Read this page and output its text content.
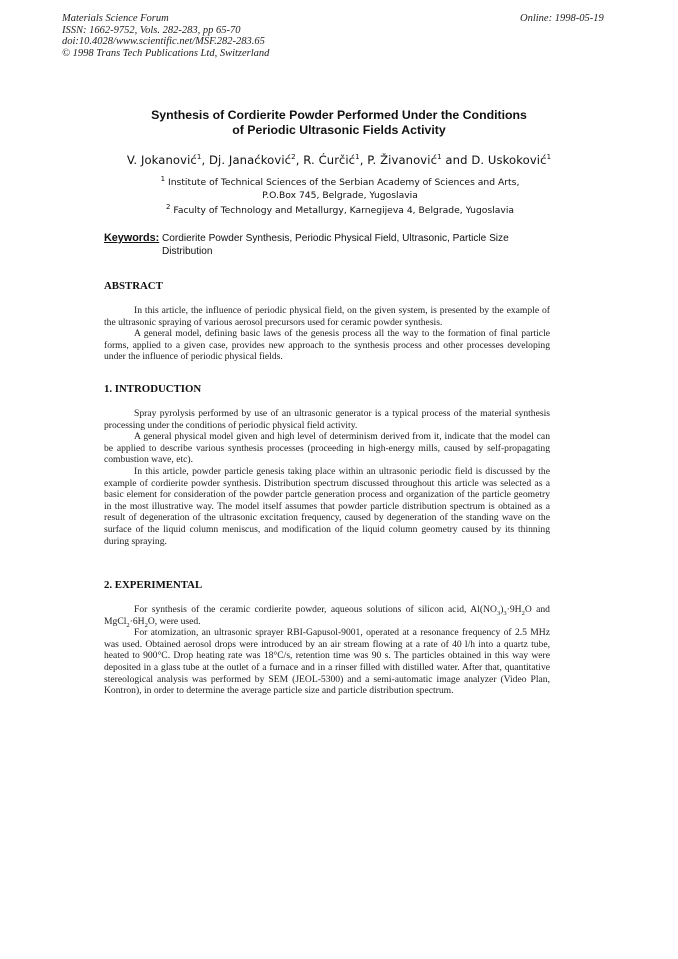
Materials Science Forum
ISSN: 1662-9752, Vols. 282-283, pp 65-70
doi:10.4028/www.scientific.net/MSF.282-283.65
© 1998 Trans Tech Publications Ltd, Switzerland
Online: 1998-05-19
Synthesis of Cordierite Powder Performed Under the Conditions
of Periodic Ultrasonic Fields Activity
V. Jokanović$^1$, Dj. Janaćković$^2$, R. Ćurčić$^1$, P. Živanović$^1$ and D. Uskoković$^1$
$^1$ Institute of Technical Sciences of the Serbian Academy of Sciences and Arts,
P.O.Box 745, Belgrade, Yugoslavia
$^2$ Faculty of Technology and Metallurgy, Karnegijeva 4, Belgrade, Yugoslavia
Keywords: Cordierite Powder Synthesis, Periodic Physical Field, Ultrasonic, Particle Size
Distribution
ABSTRACT

In this article, the influence of periodic physical field, on the given system, is presented by the example of the ultrasonic spraying of various aerosol precursors used for ceramic powder synthesis.

A general model, defining basic laws of the genesis process all the way to the formation of final particle forms, applied to a given case, provides new approach to the synthesis process and other processes developing under the influence of periodic physical fields.

1. INTRODUCTION

Spray pyrolysis performed by use of an ultrasonic generator is a typical process of the material synthesis processing under the conditions of periodic physical field activity.

A general physical model given and high level of determinism derived from it, indicate that the model can be applied to describe various synthesis processes (proceeding in high-energy mills, caused by self-propagating combustion wave, etc).

In this article, powder particle genesis taking place within an ultrasonic periodic field is discussed by the example of cordierite powder synthesis. Distribution spectrum discussed throughout this article was selected as a basic element for consideration of the powder partcle generation process and organization of the particle geometry in the most illustrative way. The model itself assumes that powder particle distribution spectrum is obtained as a result of degeneration of the ultrasonic excitation frequency, caused by degeneration of the standing wave on the surface of the liquid column meniscus, and modification of the liquid column geometry caused by its thinning during spraying.

2. EXPERIMENTAL

For synthesis of the ceramic cordierite powder, aqueous solutions of silicon acid, $Al(NO_3)_3\cdot 9H_2O$ and $MgCl_2\cdot 6H_2O$, were used.

For atomization, an ultrasonic sprayer RBI-Gapusol-9001, operated at a resonance frequency of 2.5 MHz was used. Obtained aerosol drops were introduced by an air stream flowing at a rate of 40 l/h into a quartz tube, heated to 900°C. Drop heating rate was 18°C/s, retention time was 90 s. The particles obtained in this way were deposited in a glass tube at the outlet of a furnace and in a rinser filled with distilled water. After that, quantitative stereological analysis was performed by SEM (JEOL-5300) and a semi-automatic image analyzer (Video Plan, Kontron), in order to determine the average particle size and particle distribution spectrum.
